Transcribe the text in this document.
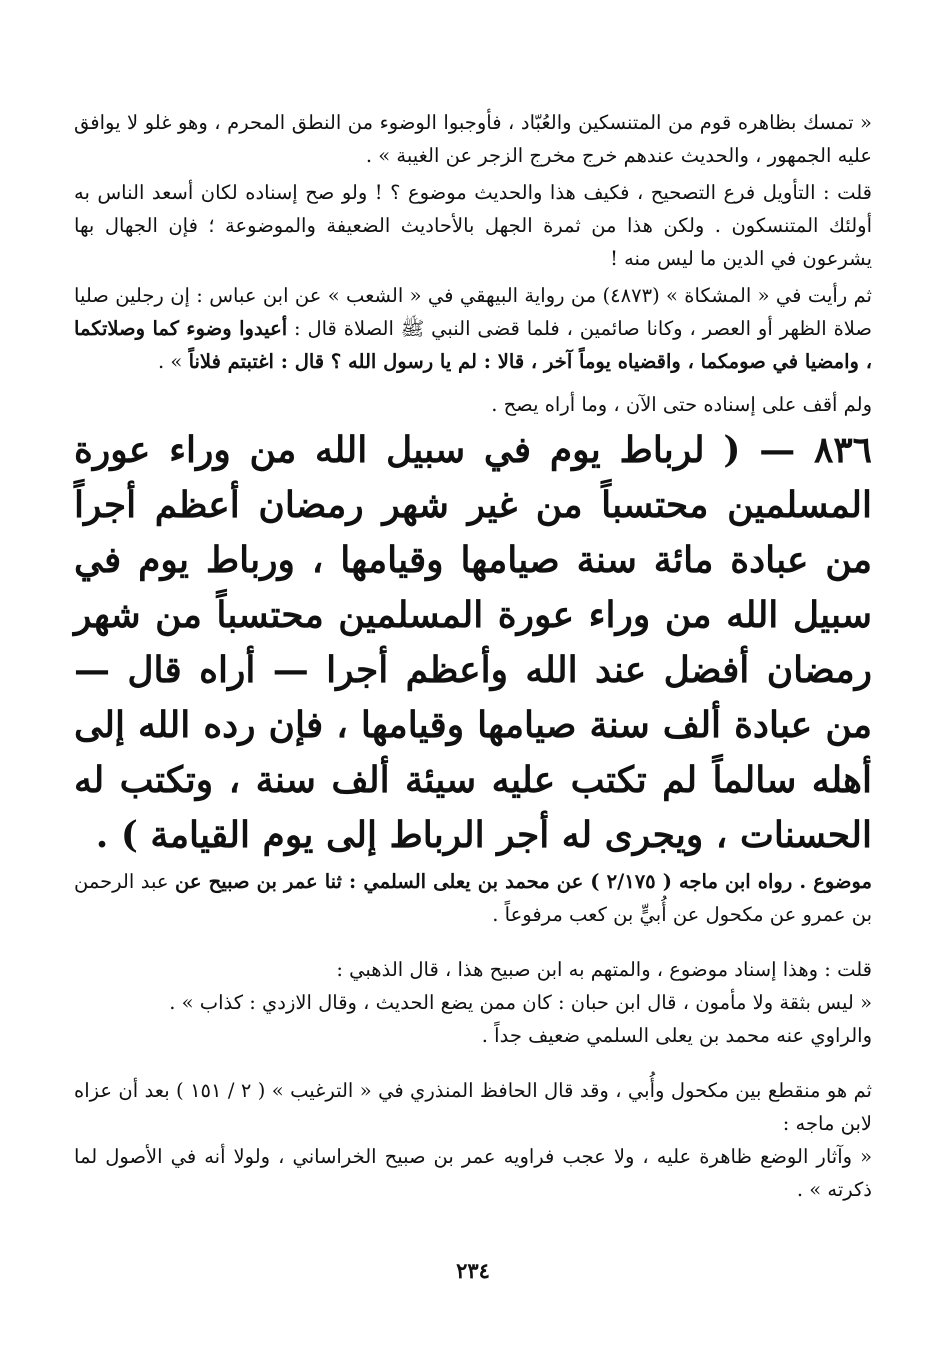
« تمسك بظاهره قوم من المتنسكين والعُبّاد ، فأوجبوا الوضوء من النطق المحرم ، وهو غلو لا يوافق عليه الجمهور ، والحديث عندهم خرج مخرج الزجر عن الغيبة » .

قلت : التأويل فرع التصحيح ، فكيف هذا والحديث موضوع ؟ ! ولو صح إسناده لكان أسعد الناس به أولئك المتنسكون . ولكن هذا من ثمرة الجهل بالأحاديث الضعيفة والموضوعة ؛ فإن الجهال بها يشرعون في الدين ما ليس منه !

ثم رأيت في « المشكاة » (٤٨٧٣) من رواية البيهقي في « الشعب » عن ابن عباس : إن رجلين صليا صلاة الظهر أو العصر ، وكانا صائمين ، فلما قضى النبي ﷺ الصلاة قال : أعيدوا وضوء كما وصلاتكما ، وامضيا في صومكما ، واقضياه يوماً آخر ، قالا : لم يا رسول الله ؟ قال : اغتبتم فلاناً » .

ولم أقف على إسناده حتى الآن ، وما أراه يصح .

٨٣٦ — ( لرباط يوم في سبيل الله من وراء عورة المسلمين محتسباً من غير شهر رمضان أعظم أجراً من عبادة مائة سنة صيامها وقيامها ، ورباط يوم في سبيل الله من وراء عورة المسلمين محتسباً من شهر رمضان أفضل عند الله وأعظم أجرا — أراه قال — من عبادة ألف سنة صيامها وقيامها ، فإن رده الله إلى أهله سالماً لم تكتب عليه سيئة ألف سنة ، وتكتب له الحسنات ، ويجرى له أجر الرباط إلى يوم القيامة ) .

موضوع . رواه ابن ماجه ( ٢/١٧٥ ) عن محمد بن يعلى السلمي : ثنا عمر بن صبيح عن عبد الرحمن بن عمرو عن مكحول عن أُبيٍّ بن كعب مرفوعاً .

قلت : وهذا إسناد موضوع ، والمتهم به ابن صبيح هذا ، قال الذهبي :

« ليس بثقة ولا مأمون ، قال ابن حبان : كان ممن يضع الحديث ، وقال الازدي : كذاب » .

والراوي عنه محمد بن يعلى السلمي ضعيف جداً .

ثم هو منقطع بين مكحول وأُبي ، وقد قال الحافظ المنذري في « الترغيب » ( ٢ / ١٥١ ) بعد أن عزاه لابن ماجه :

« وآثار الوضع ظاهرة عليه ، ولا عجب فراويه عمر بن صبيح الخراساني ، ولولا أنه في الأصول لما ذكرته » .

٢٣٤
